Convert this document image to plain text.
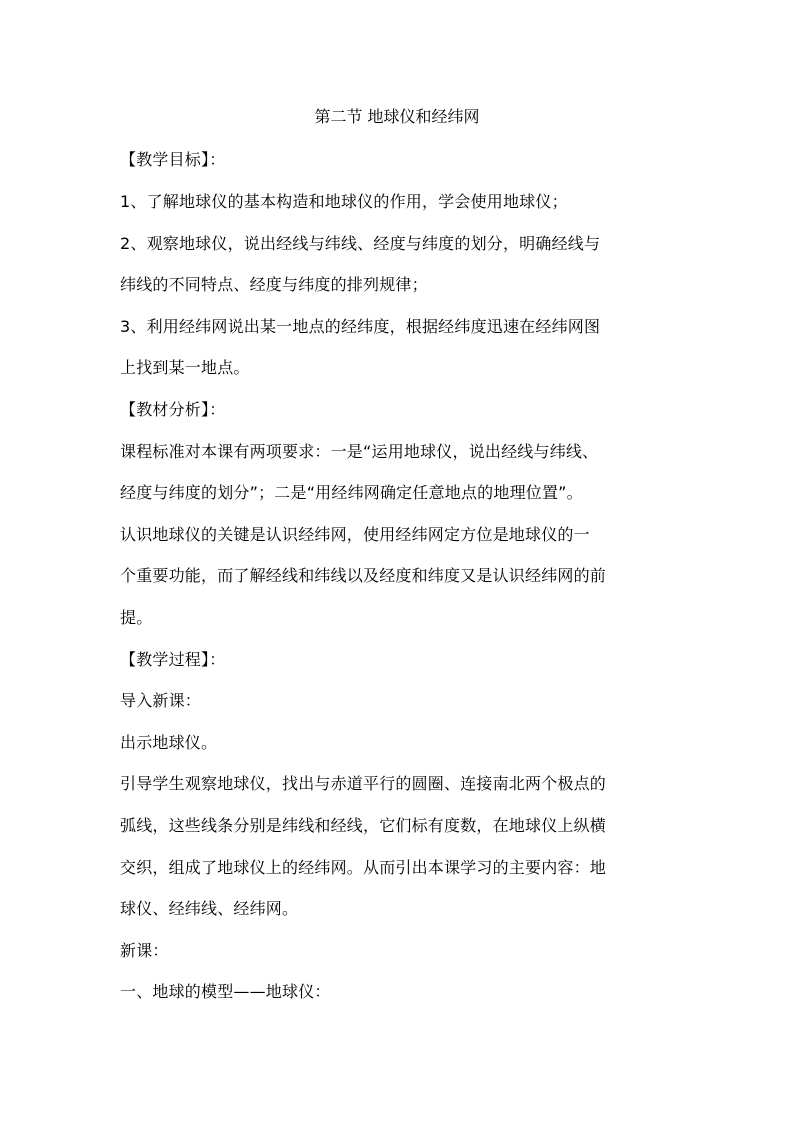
第二节 地球仪和经纬网
【教学目标】：
1、了解地球仪的基本构造和地球仪的作用，学会使用地球仪；
2、观察地球仪，说出经线与纬线、经度与纬度的划分，明确经线与
纬线的不同特点、经度与纬度的排列规律；
3、利用经纬网说出某一地点的经纬度，根据经纬度迅速在经纬网图
上找到某一地点。
【教材分析】：
课程标准对本课有两项要求：一是“运用地球仪，说出经线与纬线、
经度与纬度的划分”；二是“用经纬网确定任意地点的地理位置”。
认识地球仪的关键是认识经纬网，使用经纬网定方位是地球仪的一
个重要功能，而了解经线和纬线以及经度和纬度又是认识经纬网的前
提。
【教学过程】：
导入新课：
出示地球仪。
引导学生观察地球仪，找出与赤道平行的圆圈、连接南北两个极点的
弧线，这些线条分别是纬线和经线，它们标有度数，在地球仪上纵横
交织，组成了地球仪上的经纬网。从而引出本课学习的主要内容：地
球仪、经纬线、经纬网。
新课：
一、地球的模型——地球仪：
